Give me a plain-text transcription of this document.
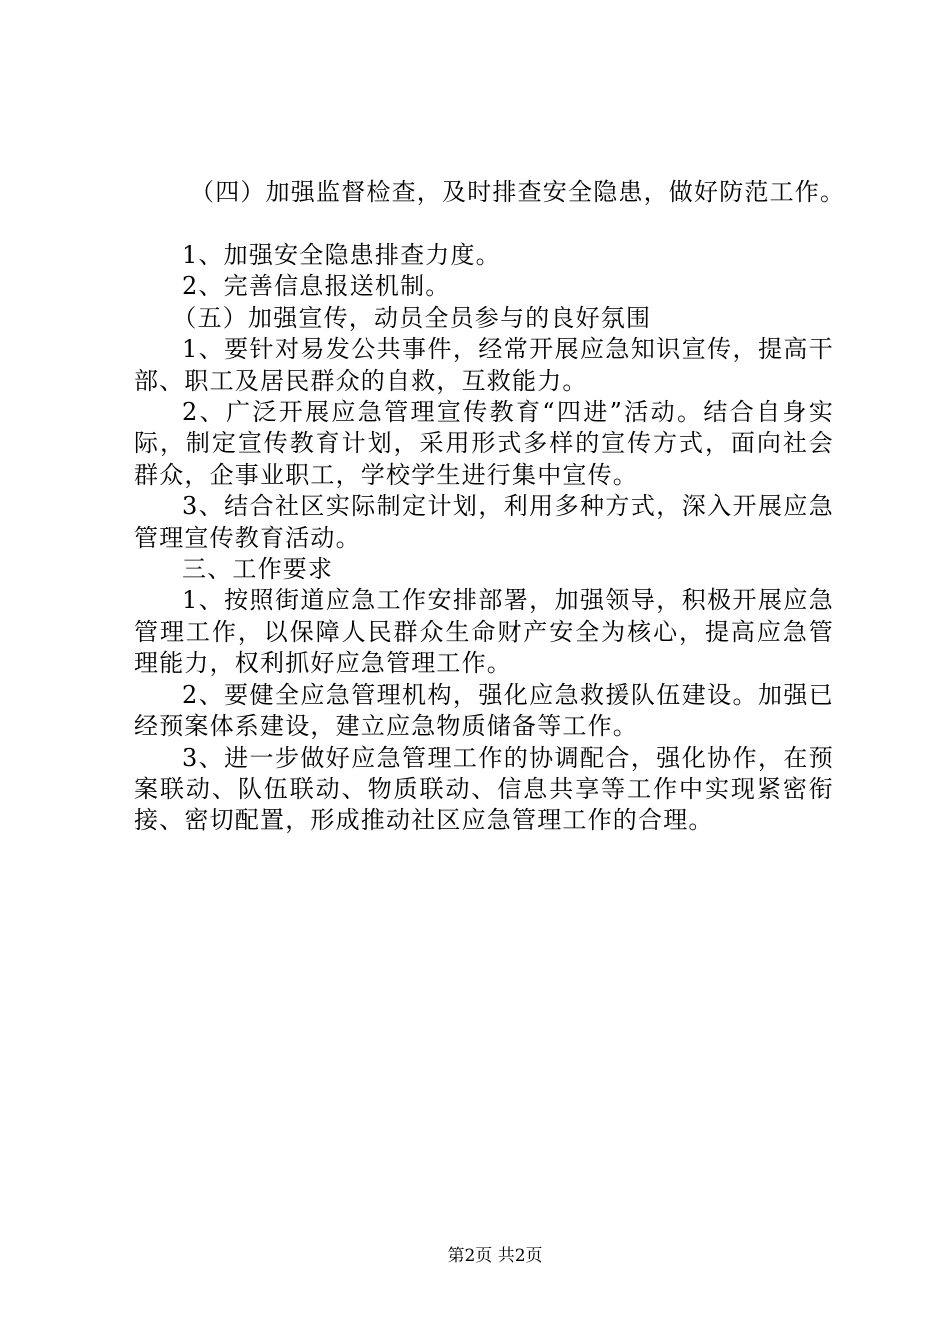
（四）加强监督检查，及时排查安全隐患，做好防范工作。

1、加强安全隐患排查力度。

2、完善信息报送机制。

（五）加强宣传，动员全员参与的良好氛围

1、要针对易发公共事件，经常开展应急知识宣传，提高干部、职工及居民群众的自救，互救能力。

2、广泛开展应急管理宣传教育“四进”活动。结合自身实际，制定宣传教育计划，采用形式多样的宣传方式，面向社会群众，企事业职工，学校学生进行集中宣传。

3、结合社区实际制定计划，利用多种方式，深入开展应急管理宣传教育活动。

三、工作要求

1、按照街道应急工作安排部署，加强领导，积极开展应急管理工作，以保障人民群众生命财产安全为核心，提高应急管理能力，权利抓好应急管理工作。

2、要健全应急管理机构，强化应急救援队伍建设。加强已经预案体系建设，建立应急物质储备等工作。

3、进一步做好应急管理工作的协调配合，强化协作，在预案联动、队伍联动、物质联动、信息共享等工作中实现紧密衔接、密切配置，形成推动社区应急管理工作的合理。

第2页 共2页
